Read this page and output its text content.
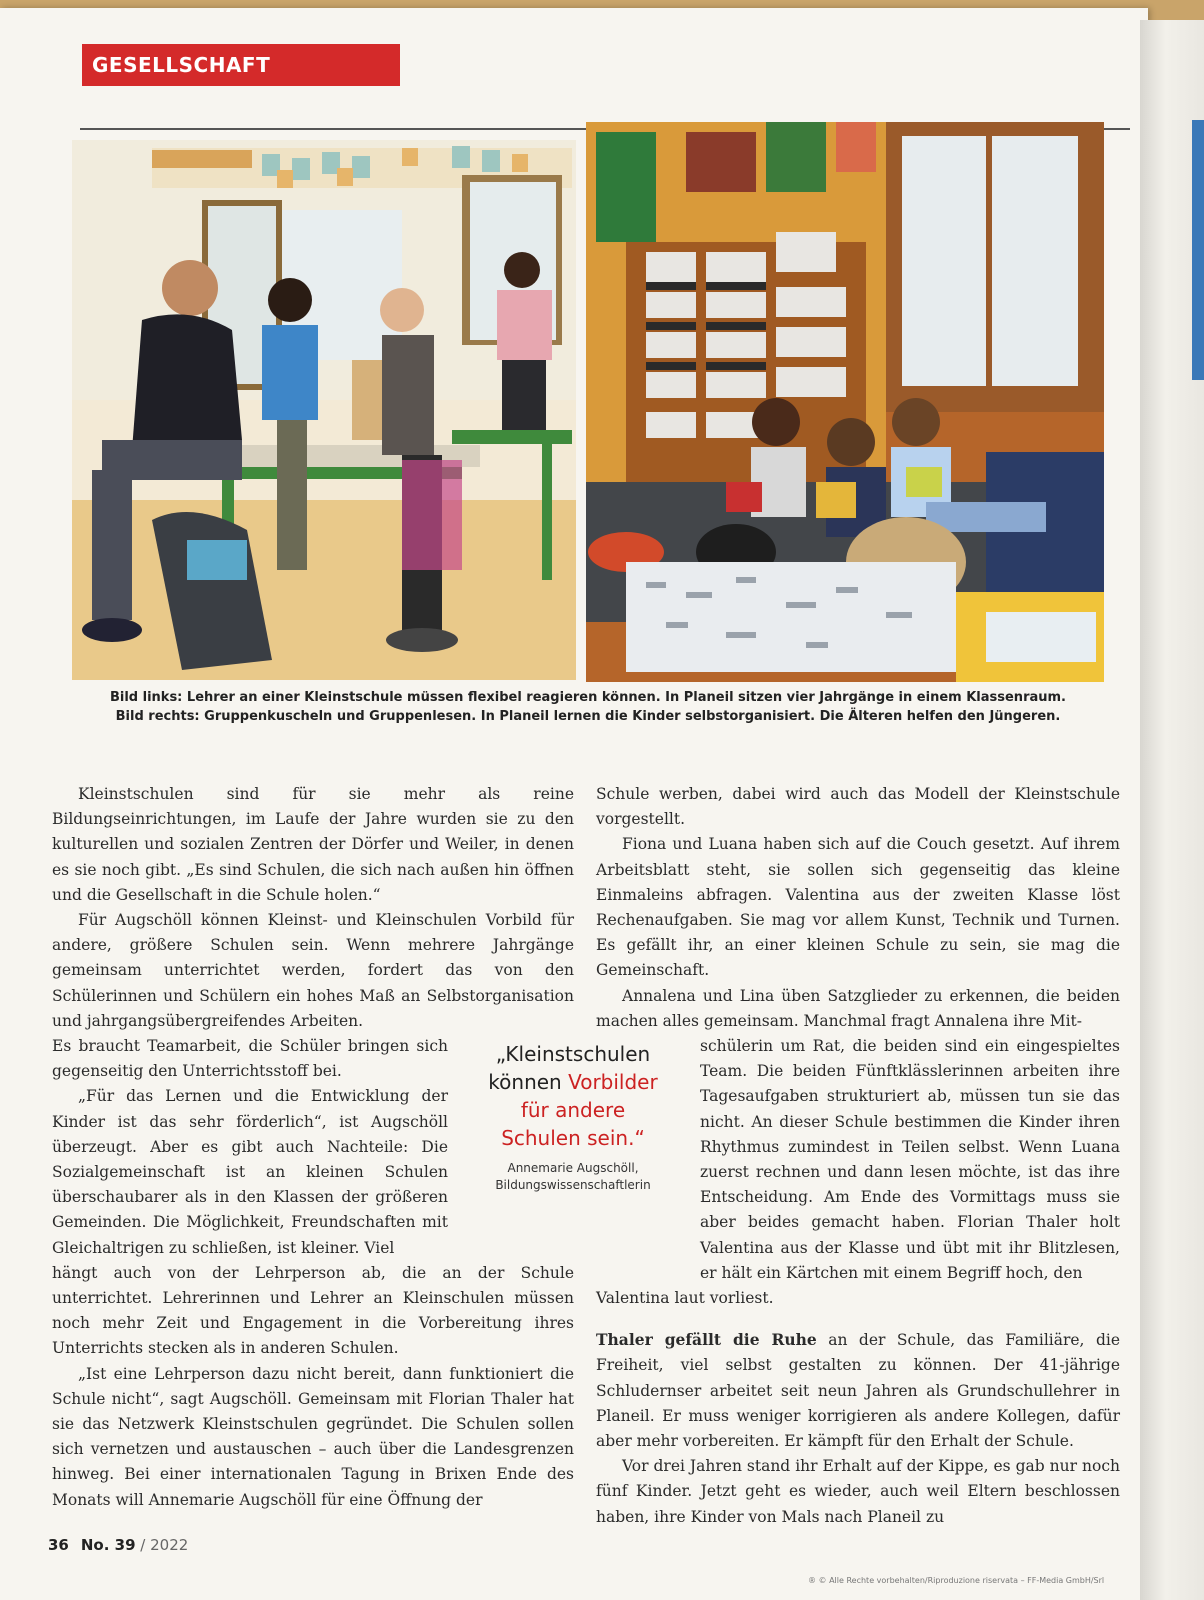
GESELLSCHAFT
Bild links: Lehrer an einer Kleinstschule müssen flexibel reagieren können. In Planeil sitzen vier Jahrgänge in einem Klassenraum.
Bild rechts: Gruppenkuscheln und Gruppenlesen. In Planeil lernen die Kinder selbstorganisiert. Die Älteren helfen den Jüngeren.

Kleinstschulen sind für sie mehr als reine Bildungseinrichtungen, im Laufe der Jahre wurden sie zu den kulturellen und sozialen Zentren der Dörfer und Weiler, in denen es sie noch gibt. „Es sind Schulen, die sich nach außen hin öffnen und die Gesellschaft in die Schule holen.“

Für Augschöll können Kleinst- und Kleinschulen Vorbild für andere, größere Schulen sein. Wenn mehrere Jahrgänge gemeinsam unterrichtet werden, fordert das von den Schülerinnen und Schülern ein hohes Maß an Selbstorganisation und jahrgangsübergreifendes Arbeiten.

Es braucht Teamarbeit, die Schüler bringen sich gegenseitig den Unterrichtsstoff bei.

„Für das Lernen und die Entwicklung der Kinder ist das sehr förderlich“, ist Augschöll überzeugt. Aber es gibt auch Nachteile: Die Sozialgemeinschaft ist an kleinen Schulen überschaubarer als in den Klassen der größeren Gemeinden. Die Möglichkeit, Freundschaften mit Gleichaltrigen zu schließen, ist kleiner. Viel

hängt auch von der Lehrperson ab, die an der Schule unterrichtet. Lehrerinnen und Lehrer an Kleinschulen müssen noch mehr Zeit und Engagement in die Vorbereitung ihres Unterrichts stecken als in anderen Schulen.

„Ist eine Lehrperson dazu nicht bereit, dann funktioniert die Schule nicht“, sagt Augschöll. Gemeinsam mit Florian Thaler hat sie das Netzwerk Kleinstschulen gegründet. Die Schulen sollen sich vernetzen und austauschen – auch über die Landesgrenzen hinweg. Bei einer internationalen Tagung in Brixen Ende des Monats will Annemarie Augschöll für eine Öffnung der

„Kleinstschulen
können Vorbilder
für andere
Schulen sein.“
Annemarie Augschöll,
Bildungswissenschaftlerin

Schule werben, dabei wird auch das Modell der Kleinstschule vorgestellt.

Fiona und Luana haben sich auf die Couch gesetzt. Auf ihrem Arbeitsblatt steht, sie sollen sich gegenseitig das kleine Einmaleins abfragen. Valentina aus der zweiten Klasse löst Rechenaufgaben. Sie mag vor allem Kunst, Technik und Turnen. Es gefällt ihr, an einer kleinen Schule zu sein, sie mag die Gemeinschaft.

Annalena und Lina üben Satzglieder zu erkennen, die beiden machen alles gemeinsam. Manchmal fragt Annalena ihre Mit-

schülerin um Rat, die beiden sind ein eingespieltes Team. Die beiden Fünftklässlerinnen arbeiten ihre Tagesaufgaben strukturiert ab, müssen tun sie das nicht. An dieser Schule bestimmen die Kinder ihren Rhythmus zumindest in Teilen selbst. Wenn Luana zuerst rechnen und dann lesen möchte, ist das ihre Entscheidung. Am Ende des Vormittags muss sie aber beides gemacht haben. Florian Thaler holt Valentina aus der Klasse und übt mit ihr Blitzlesen, er hält ein Kärtchen mit einem Begriff hoch, den

Valentina laut vorliest.

Thaler gefällt die Ruhe an der Schule, das Familiäre, die Freiheit, viel selbst gestalten zu können. Der 41-jährige Schludernser arbeitet seit neun Jahren als Grundschullehrer in Planeil. Er muss weniger korrigieren als andere Kollegen, dafür aber mehr vorbereiten. Er kämpft für den Erhalt der Schule.

Vor drei Jahren stand ihr Erhalt auf der Kippe, es gab nur noch fünf Kinder. Jetzt geht es wieder, auch weil Eltern beschlossen haben, ihre Kinder von Mals nach Planeil zu

36 No. 39 / 2022
® © Alle Rechte vorbehalten/Riproduzione riservata – FF-Media GmbH/Srl
